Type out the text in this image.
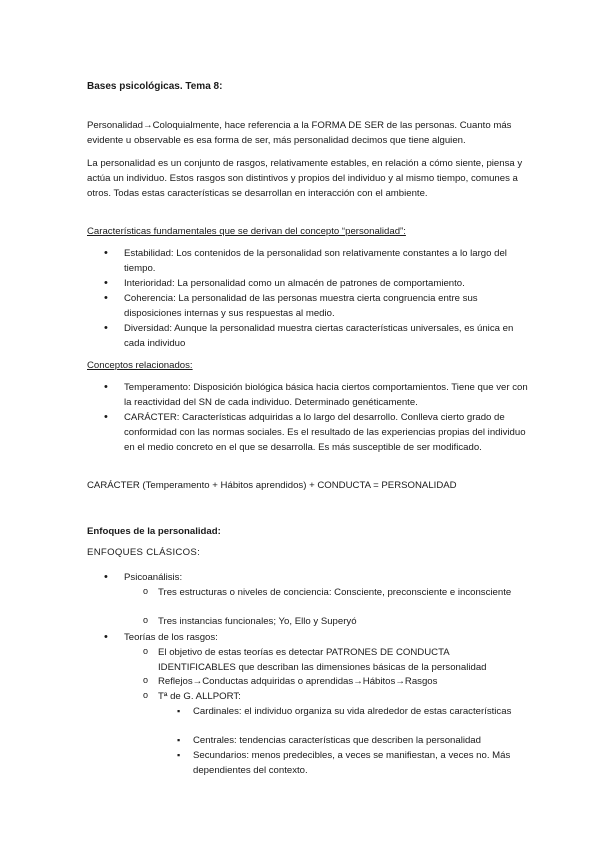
Bases psicológicas. Tema 8:

Personalidad→Coloquialmente, hace referencia a la FORMA DE SER de las personas. Cuanto más evidente u observable es esa forma de ser, más personalidad decimos que tiene alguien.

La personalidad es un conjunto de rasgos, relativamente estables, en relación a cómo siente, piensa y actúa un individuo. Estos rasgos son distintivos y propios del individuo y al mismo tiempo, comunes a otros. Todas estas características se desarrollan en interacción con el ambiente.

Características fundamentales que se derivan del concepto “personalidad”:

• Estabilidad: Los contenidos de la personalidad son relativamente constantes a lo largo del tiempo.
• Interioridad: La personalidad como un almacén de patrones de comportamiento.
• Coherencia: La personalidad de las personas muestra cierta congruencia entre sus disposiciones internas y sus respuestas al medio.
• Diversidad: Aunque la personalidad muestra ciertas características universales, es única en cada individuo

Conceptos relacionados:

• Temperamento: Disposición biológica básica hacia ciertos comportamientos. Tiene que ver con la reactividad del SN de cada individuo. Determinado genéticamente.
• CARÁCTER: Características adquiridas a lo largo del desarrollo. Conlleva cierto grado de conformidad con las normas sociales. Es el resultado de las experiencias propias del individuo en el medio concreto en el que se desarrolla. Es más susceptible de ser modificado.

CARÁCTER (Temperamento + Hábitos aprendidos) + CONDUCTA = PERSONALIDAD

Enfoques de la personalidad:

ENFOQUES CLÁSICOS:

• Psicoanálisis:
o Tres estructuras o niveles de conciencia: Consciente, preconsciente e inconsciente
o Tres instancias funcionales; Yo, Ello y Superyó
• Teorías de los rasgos:
o El objetivo de estas teorías es detectar PATRONES DE CONDUCTA IDENTIFICABLES que describan las dimensiones básicas de la personalidad
o Reflejos→Conductas adquiridas o aprendidas→Hábitos→Rasgos
o Tª de G. ALLPORT:
▪ Cardinales: el individuo organiza su vida alrededor de estas características
▪ Centrales: tendencias características que describen la personalidad
▪ Secundarios: menos predecibles, a veces se manifiestan, a veces no. Más dependientes del contexto.
